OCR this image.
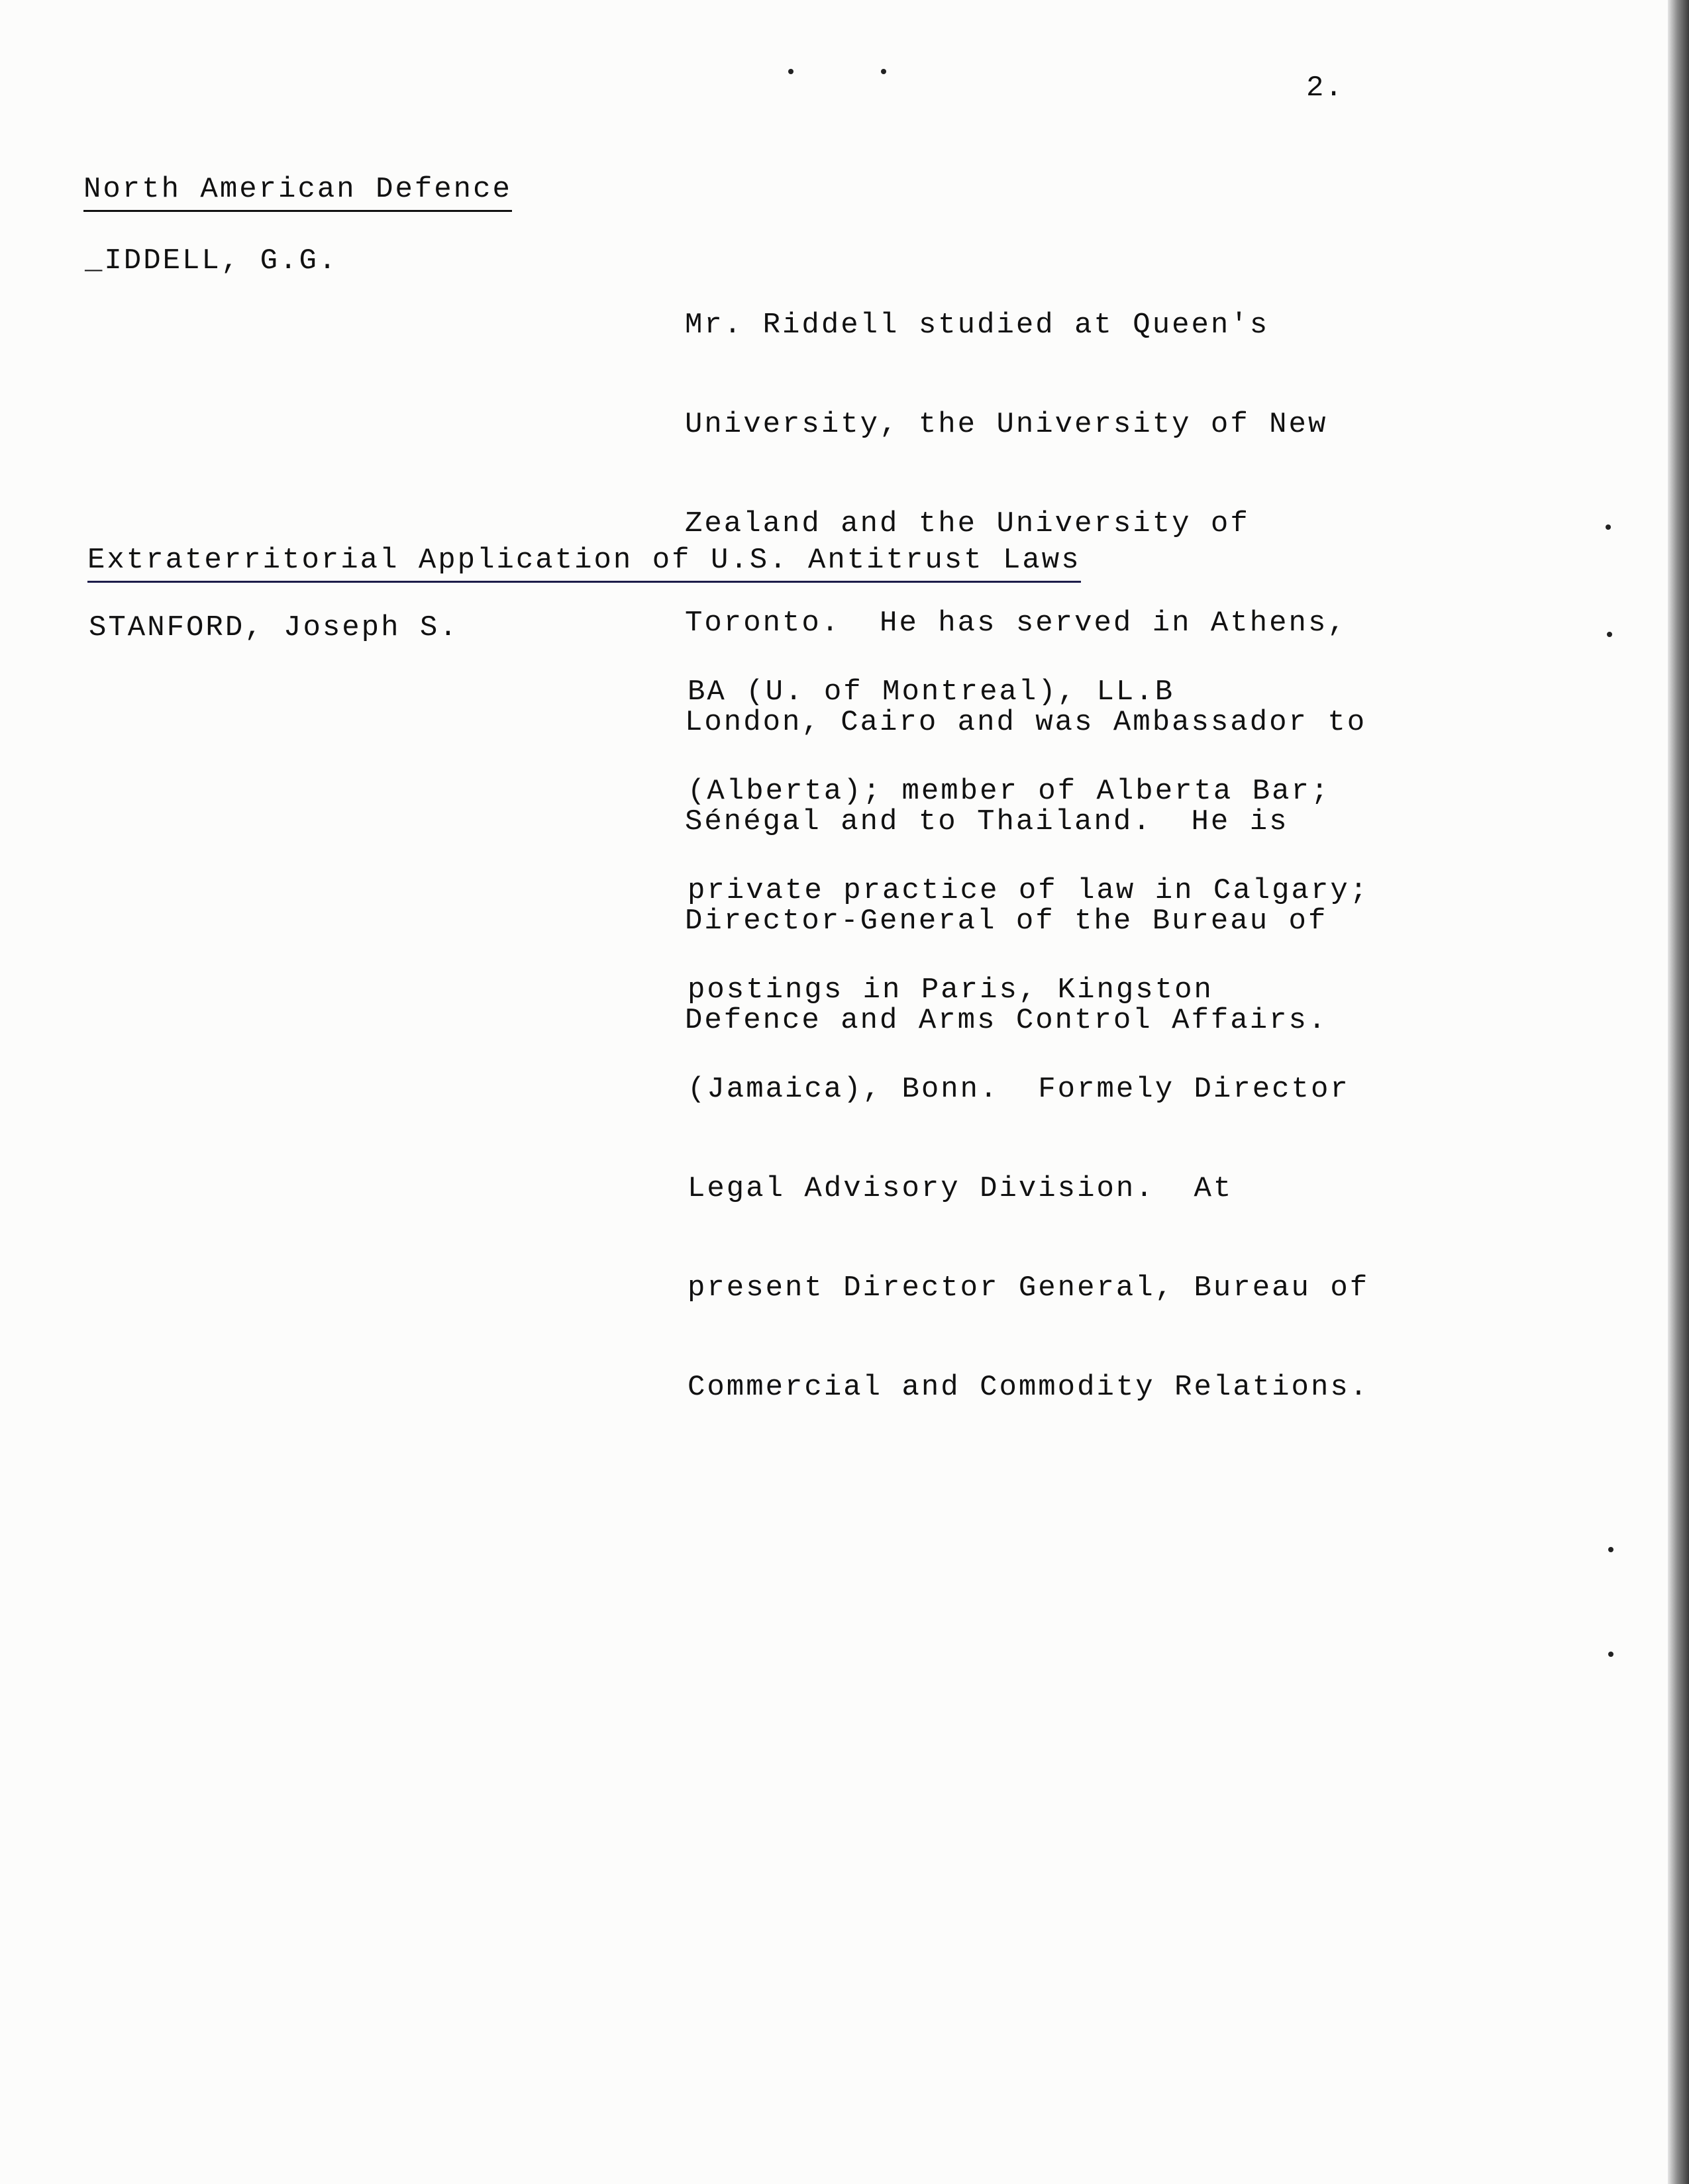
2.
North American Defence
_IDDELL, G.G.

Mr. Riddell studied at Queen's

University, the University of New

Zealand and the University of

Toronto.  He has served in Athens,

London, Cairo and was Ambassador to

Sénégal and to Thailand.  He is

Director-General of the Bureau of

Defence and Arms Control Affairs.

Extraterritorial Application of U.S. Antitrust Laws
STANFORD, Joseph S.

BA (U. of Montreal), LL.B

(Alberta); member of Alberta Bar;

private practice of law in Calgary;

postings in Paris, Kingston

(Jamaica), Bonn.  Formely Director

Legal Advisory Division.  At

present Director General, Bureau of

Commercial and Commodity Relations.
